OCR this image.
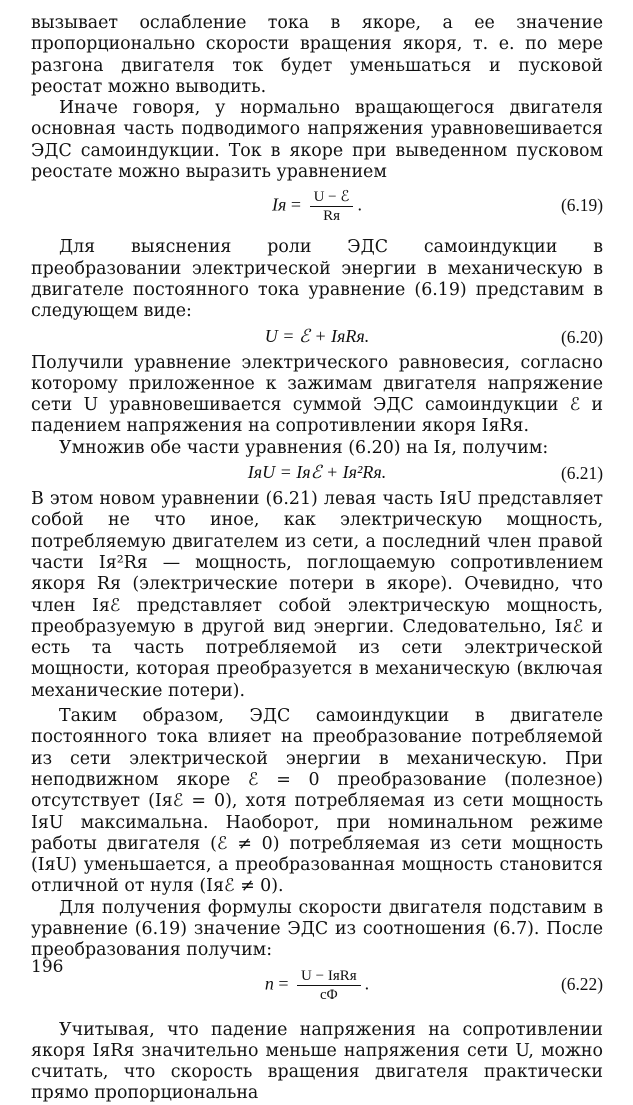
вызывает ослабление тока в якоре, а ее значение пропорционально скорости вращения якоря, т. е. по мере разгона двигателя ток будет уменьшаться и пусковой реостат можно выводить.

Иначе говоря, у нормально вращающегося двигателя основная часть подводимого напряжения уравновешивается ЭДС самоиндукции. Ток в якоре при выведенном пусковом реостате можно выразить уравнением

Iя = $\frac{\text{U − ℰ}}{Rя}$ .	(6.19)

Для выяснения роли ЭДС самоиндукции в преобразовании электрической энергии в механическую в двигателе постоянного тока уравнение (6.19) представим в следующем виде:

U = ℰ + IяRя.	(6.20)

Получили уравнение электрического равновесия, согласно которому приложенное к зажимам двигателя напряжение сети U уравновешивается суммой ЭДС самоиндукции ℰ и падением напряжения на сопротивлении якоря IяRя.

Умножив обе части уравнения (6.20) на Iя, получим:

IяU = Iяℰ + Iя²Rя.	(6.21)

В этом новом уравнении (6.21) левая часть IяU представляет собой не что иное, как электрическую мощность, потребляемую двигателем из сети, а последний член правой части Iя²Rя — мощность, поглощаемую сопротивлением якоря Rя (электрические потери в якоре). Очевидно, что член Iяℰ представляет собой электрическую мощность, преобразуемую в другой вид энергии. Следовательно, Iяℰ и есть та часть потребляемой из сети электрической мощности, которая преобразуется в механическую (включая механические потери).

Таким образом, ЭДС самоиндукции в двигателе постоянного тока влияет на преобразование потребляемой из сети электрической энергии в механическую. При неподвижном якоре ℰ = 0 преобразование (полезное) отсутствует (Iяℰ = 0), хотя потребляемая из сети мощность IяU максимальна. Наоборот, при номинальном режиме работы двигателя (ℰ ≠ 0) потребляемая из сети мощность (IяU) уменьшается, а преобразованная мощность становится отличной от нуля (Iяℰ ≠ 0).

Для получения формулы скорости двигателя подставим в уравнение (6.19) значение ЭДС из соотношения (6.7). После преобразования получим:

$n = \frac{\text{U − IяRя}}{c\Phi}$ .	(6.22)

Учитывая, что падение напряжения на сопротивлении якоря IяRя значительно меньше напряжения сети U, можно считать, что скорость вращения двигателя практически прямо пропорциональна

196
